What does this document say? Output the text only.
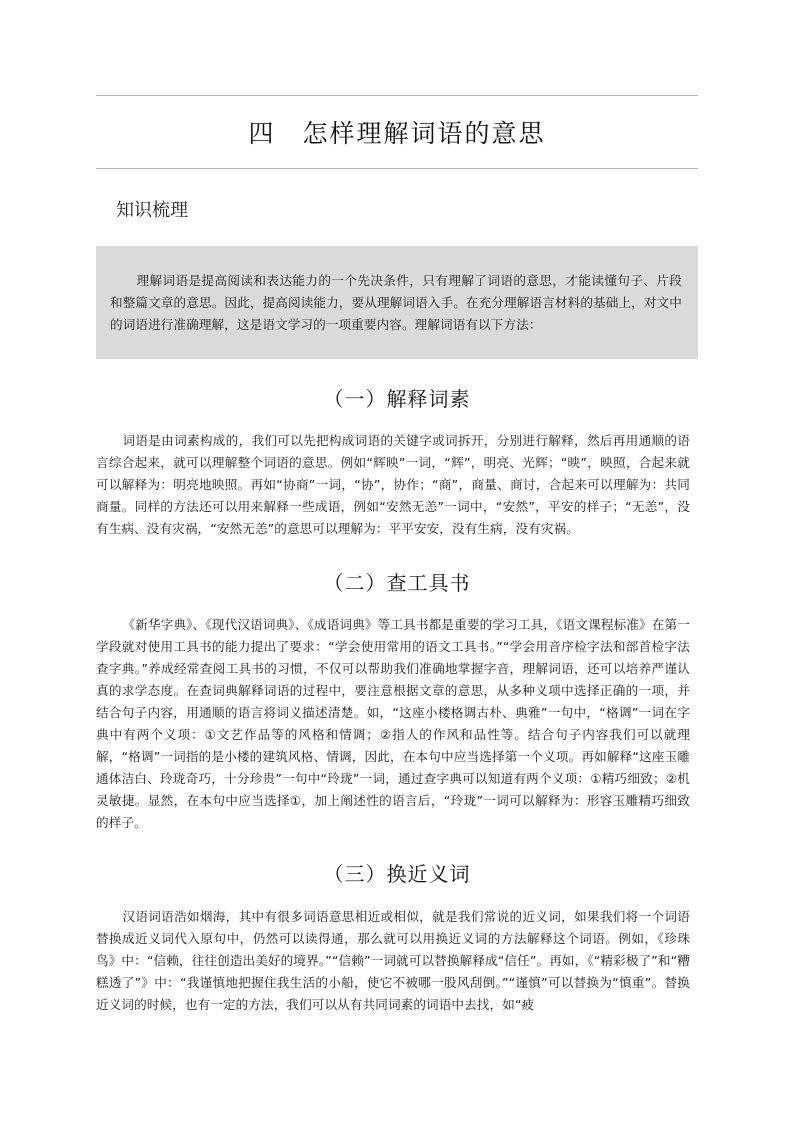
四　怎样理解词语的意思
知识梳理

理解词语是提高阅读和表达能力的一个先决条件，只有理解了词语的意思，才能读懂句子、片段和整篇文章的意思。因此，提高阅读能力，要从理解词语入手。在充分理解语言材料的基础上，对文中的词语进行准确理解，这是语文学习的一项重要内容。理解词语有以下方法：

（一）解释词素

词语是由词素构成的，我们可以先把构成词语的关键字或词拆开，分别进行解释，然后再用通顺的语言综合起来，就可以理解整个词语的意思。例如“辉映”一词，“辉”，明亮、光辉；“映”，映照，合起来就可以解释为：明亮地映照。再如“协商”一词，“协”，协作；“商”，商量、商讨，合起来可以理解为：共同商量。同样的方法还可以用来解释一些成语，例如“安然无恙”一词中，“安然”，平安的样子；“无恙”，没有生病、没有灾祸，“安然无恙”的意思可以理解为：平平安安，没有生病，没有灾祸。

（二）查工具书

《新华字典》、《现代汉语词典》、《成语词典》等工具书都是重要的学习工具，《语文课程标准》在第一学段就对使用工具书的能力提出了要求：“学会使用常用的语文工具书。”“学会用音序检字法和部首检字法查字典。”养成经常查阅工具书的习惯，不仅可以帮助我们准确地掌握字音，理解词语，还可以培养严谨认真的求学态度。在查词典解释词语的过程中，要注意根据文章的意思，从多种义项中选择正确的一项，并结合句子内容，用通顺的语言将词义描述清楚。如，“这座小楼格调古朴、典雅”一句中，“格调”一词在字典中有两个义项：①文艺作品等的风格和情调；②指人的作风和品性等。结合句子内容我们可以就理解，“格调”一词指的是小楼的建筑风格、情调，因此，在本句中应当选择第一个义项。再如解释“这座玉雕通体洁白、玲珑奇巧，十分珍贵”一句中“玲珑”一词，通过查字典可以知道有两个义项：①精巧细致；②机灵敏捷。显然，在本句中应当选择①，加上阐述性的语言后，“玲珑”一词可以解释为：形容玉雕精巧细致的样子。

（三）换近义词

汉语词语浩如烟海，其中有很多词语意思相近或相似，就是我们常说的近义词，如果我们将一个词语替换成近义词代入原句中，仍然可以读得通，那么就可以用换近义词的方法解释这个词语。例如，《珍珠鸟》中：“信赖，往往创造出美好的境界。”“信赖”一词就可以替换解释成“信任”。再如，《“精彩极了”和“糟糕透了”》中：“我谨慎地把握住我生活的小船，使它不被哪一股风刮倒。”“谨慎”可以替换为“慎重”。替换近义词的时候，也有一定的方法，我们可以从有共同词素的词语中去找，如“疲
